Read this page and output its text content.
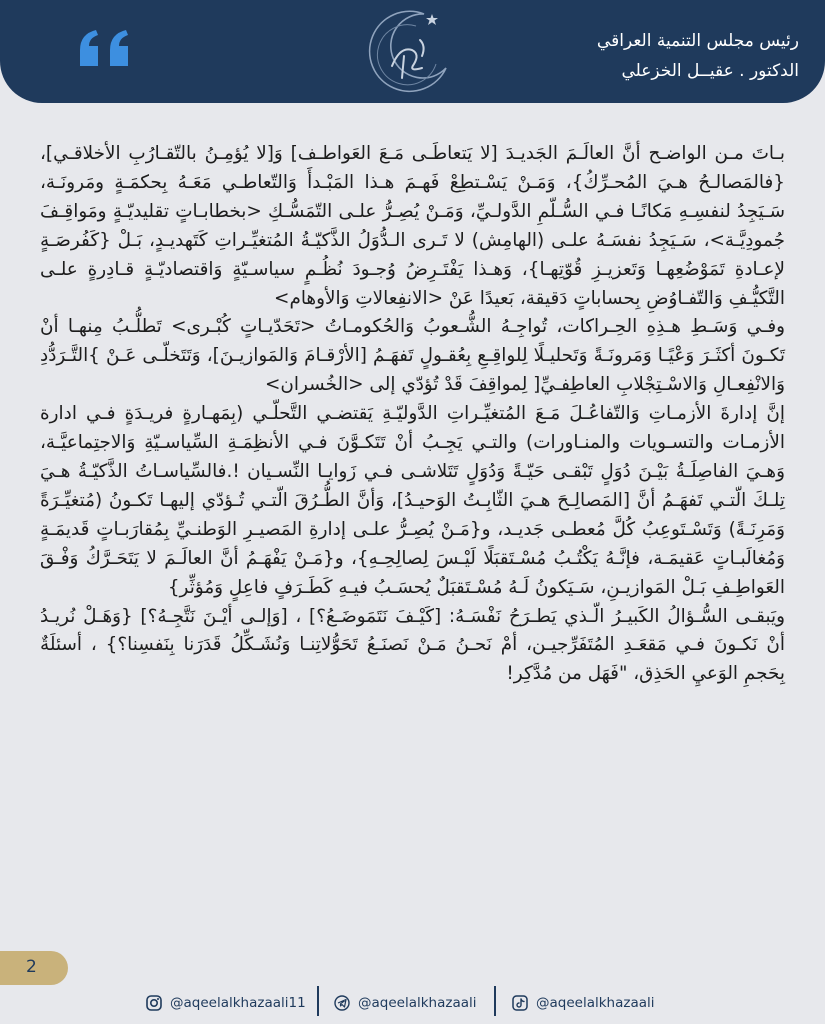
رئيس مجلس التنمية العراقي

الدكتور . عقيــل الخزعلي

بـاتَ مـن الواضـح أنَّ العالَـمَ الجَديـدَ [لا يَتعاطَـى مَـعَ العَواطـف] وَ[لا يُؤمِـنُ بالتّقـارُبِ الأخلاقـي]، {فالمَصالـحُ هـيَ المُحـرِّكُ}، وَمَـنْ يَسْـتطِعْ فَهـمَ هـذا المَبْـدأَ وَالتّعاطـي مَعَـهُ بِحكمَـةٍ ومَرونَـة، سَـيَجِدُ لنفسِـهِ مَكانًـا فـي السُّـلّمِ الدَّولـيِّ، وَمَـنْ يُصِـرُّ علـى التّمَسُّـكِ <بخطابـاتٍ تقليديّـةٍ ومَواقِـفَ جُمودِيَّـة>، سَـيَجِدُ نفسَـهُ علـى (الهامِش) لا تَـرى الـدُّوَلُ الذَّكيّـةُ المُتغيِّـراتِ كَتَهديـدٍ، بَـلْ {كَفُرصَـةٍ لإعـادةِ تَمَوْضُعِهـا وَتَعزيـزِ قُوّتِهـا}، وَهـذا يَفْتَـرِضُ وُجـودَ نُظُـمٍ سياسـيّةٍ وَاقتصاديّـةٍ قـادِرةٍ علـى التَّكيُّـفِ وَالتّفـاوُضِ بِحساباتٍ دَقيقة، بَعيدًا عَنْ <الانفِعالاتِ وَالأوهام>

وفـي وَسَـطِ هـذِهِ الحِـراكات، تُواجِـهُ الشُّـعوبُ وَالحُكومـاتُ <تَحَدّيـاتٍ كُبْـرى> تَطلُّـبُ مِنهـا أنْ تَكـونَ أكثَـرَ وَعْيًـا وَمَرونَـةً وَتَحليـلًا لِلواقِـعِ بِعُقـولٍ تَفهَـمُ [الأرْقـامَ وَالمَوازيـنَ]، وَتَتَخلّـى عَـنْ }التَّـرَدُّدِ وَالانْفِعـالِ وَالاسْـتِجْلابِ العاطِفـيِّ[ لِمواقِفَ قَدْ تُؤدّي إلى <الخُسران>

إنَّ إدارةَ الأزمـاتِ وَالتّفاعُـلَ مَـعَ المُتغيِّـراتِ الدَّوليّـةِ يَقتضـي التَّحلّـي (بِمَهـارةٍ فريـدَةٍ فـي ادارة الأزمـات والتسـويات والمنـاورات) والتـي يَجِـبُ أنْ تَتَكـوَّنَ فـي الأنظِمَـةِ السِّياسـيّةِ وَالاجتِماعيَّـة، وَهـيَ الفاصِلَـةُ بَيْـنَ دُوَلٍ تَبْقـى حَيّـةً وَدُوَلٍ تَتَلاشـى فـي زَوايـا النِّسـيان !.فالسِّياسـاتُ الذَّكيّـةُ هـيَ تِلـكَ الّتـي تَفهَـمُ أنَّ [المَصالِـحَ هـيَ الثّابِـتُ الوَحيـدُ]، وَأنَّ الطُّـرُقَ الّتـي تُـؤدّي إليهـا تَكـونُ (مُتغيِّـرَةً وَمَرِنَـةً) وَتَسْـتَوعِبُ كُلَّ مُعطـى جَديـد، و{مَـنْ يُصِـرُّ علـى إدارةِ المَصيـرِ الوَطنـيِّ بِمُقارَبـاتٍ قَديمَـةٍ وَمُغالَبـاتٍ عَقيمَـة، فإنَّـهُ يَكْتُـبُ مُسْـتَقبَلًا لَيْـسَ لِصالِحِـهِ}، و{مَـنْ يَفْهَـمُ أنَّ العالَـمَ لا يَتَحَـرَّكُ وَفْـقَ العَواطِـفِ بَـلْ المَوازيـنِ، سَـيَكونُ لَـهُ مُسْـتَقبَلٌ يُحسَـبُ فيـهِ كَطَـرَفٍ فاعِلٍ وَمُؤثِّر}

ويَبقـى السُّـؤالُ الكَبيـرُ الّـذي يَطـرَحُ نَفْسَـهُ: [كَيْـفَ نَتَمَوضَـعُ؟] ، [وَإلـى أيْـنَ نَتَّجِـهُ؟] {وَهَـلْ نُريـدُ أنْ نَكـونَ فـي مَقعَـدِ المُتَفَرِّجيـن، أمْ نَحـنُ مَـنْ نَصنَـعُ تَحَوُّلاتِنـا وَنُشَـكِّلُ قَدَرَنا بِنَفسِنا؟} ، أسئلَةٌ بِحَجمِ الوَعيِ الحَذِق، "فَهَل من مُدَّكِر!

2
@aqeelalkhazaali11	@aqeelalkhazaali	@aqeelalkhazaali
